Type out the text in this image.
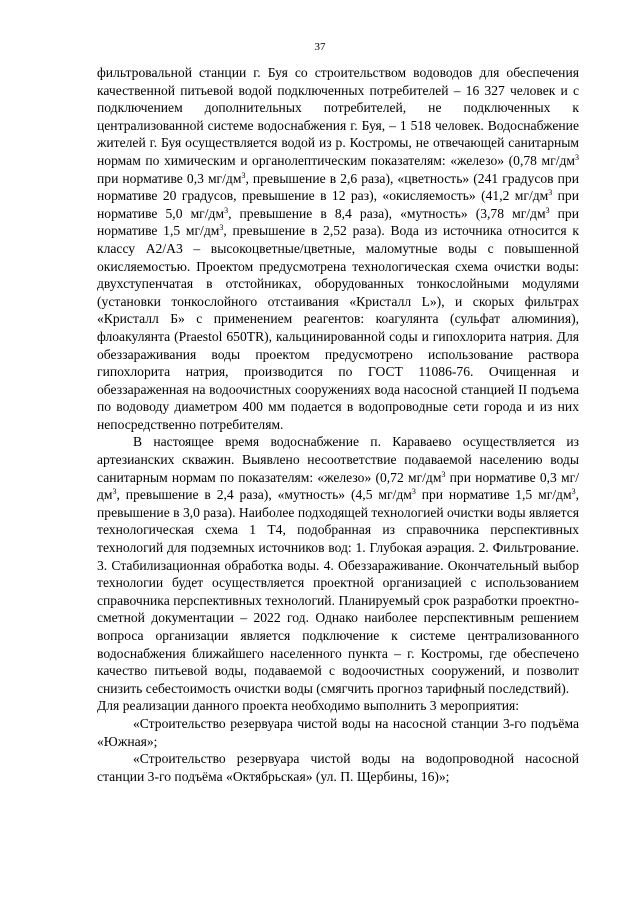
37

фильтровальной станции г. Буя со строительством водоводов для обеспечения качественной питьевой водой подключенных потребителей – 16 327 человек и с подключением дополнительных потребителей, не подключенных к централизованной системе водоснабжения г. Буя, – 1 518 человек. Водоснабжение жителей г. Буя осуществляется водой из р. Костромы, не отвечающей санитарным нормам по химическим и органолептическим показателям: «железо» (0,78 $мг/дм^3$ при нормативе 0,3 $мг/дм^3$, превышение в 2,6 раза), «цветность» (241 градусов при нормативе 20 градусов, превышение в 12 раз), «окисляемость» (41,2 $мг/дм^3$ при нормативе 5,0 $мг/дм^3$, превышение в 8,4 раза), «мутность» (3,78 $мг/дм^3$ при нормативе 1,5 $мг/дм^3$, превышение в 2,52 раза). Вода из источника относится к классу А2/А3 – высокоцветные/цветные, маломутные воды с повышенной окисляемостью. Проектом предусмотрена технологическая схема очистки воды: двухступенчатая в отстойниках, оборудованных тонкослойными модулями (установки тонкослойного отстаивания «Кристалл L»), и скорых фильтрах «Кристалл Б» с применением реагентов: коагулянта (сульфат алюминия), флоакулянта (Praestol 650TR), кальцинированной соды и гипохлорита натрия. Для обеззараживания воды проектом предусмотрено использование раствора гипохлорита натрия, производится по ГОСТ 11086-76. Очищенная и обеззараженная на водоочистных сооружениях вода насосной станцией II подъема по водоводу диаметром 400 мм подается в водопроводные сети города и из них непосредственно потребителям.

В настоящее время водоснабжение п. Караваево осуществляется из артезианских скважин. Выявлено несоответствие подаваемой населению воды санитарным нормам по показателям: «железо» (0,72 $мг/дм^3$ при нормативе 0,3 $мг/дм^3$, превышение в 2,4 раза), «мутность» (4,5 $мг/дм^3$ при нормативе 1,5 $мг/дм^3$, превышение в 3,0 раза). Наиболее подходящей технологией очистки воды является технологическая схема 1 Т4, подобранная из справочника перспективных технологий для подземных источников вод: 1. Глубокая аэрация. 2. Фильтрование. 3. Стабилизационная обработка воды. 4. Обеззараживание. Окончательный выбор технологии будет осуществляется проектной организацией с использованием справочника перспективных технологий. Планируемый срок разработки проектно-сметной документации – 2022 год. Однако наиболее перспективным решением вопроса организации является подключение к системе централизованного водоснабжения ближайшего населенного пункта – г. Костромы, где обеспечено качество питьевой воды, подаваемой с водоочистных сооружений, и позволит снизить себестоимость очистки воды (смягчить прогноз тарифный последствий).

Для реализации данного проекта необходимо выполнить 3 мероприятия:

«Строительство резервуара чистой воды на насосной станции 3-го подъёма «Южная»;

«Строительство резервуара чистой воды на водопроводной насосной станции 3-го подъёма «Октябрьская» (ул. П. Щербины, 16)»;
